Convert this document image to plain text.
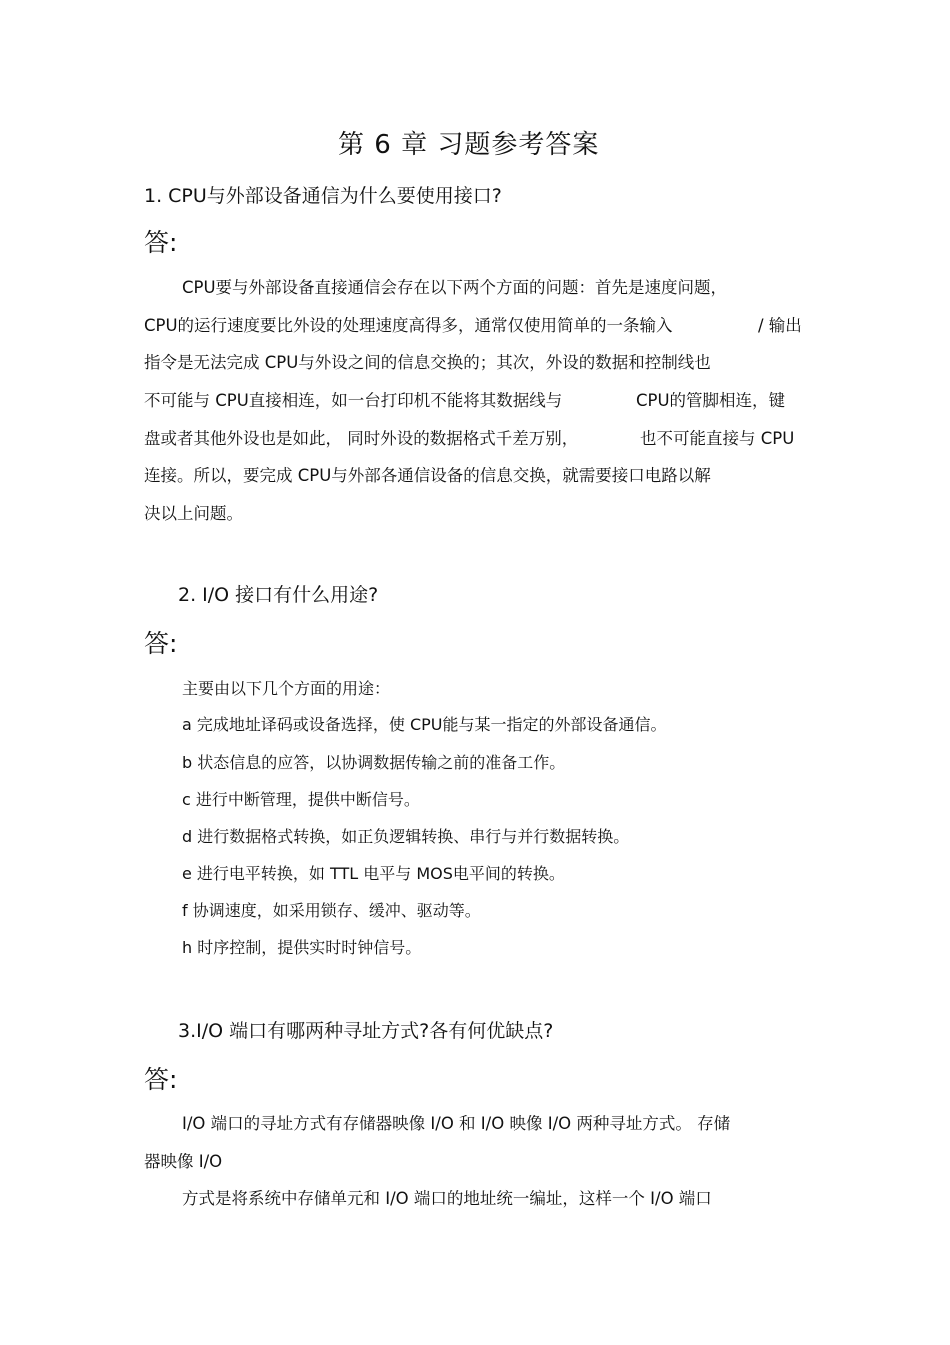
第 6 章 习题参考答案
1. CPU与外部设备通信为什么要使用接口?
答:
CPU要与外部设备直接通信会存在以下两个方面的问题：首先是速度问题，
CPU的运行速度要比外设的处理速度高得多，通常仅使用简单的一条输入	/ 输出
指令是无法完成 CPU与外设之间的信息交换的；其次，外设的数据和控制线也
不可能与 CPU直接相连，如一台打印机不能将其数据线与	CPU的管脚相连，键
盘或者其他外设也是如此， 同时外设的数据格式千差万别，	也不可能直接与 CPU
连接。所以，要完成 CPU与外部各通信设备的信息交换，就需要接口电路以解
决以上问题。
2. I/O 接口有什么用途?
答:
主要由以下几个方面的用途：
a 完成地址译码或设备选择，使 CPU能与某一指定的外部设备通信。
b 状态信息的应答，以协调数据传输之前的准备工作。
c 进行中断管理，提供中断信号。
d 进行数据格式转换，如正负逻辑转换、串行与并行数据转换。
e 进行电平转换，如 TTL 电平与 MOS电平间的转换。
f 协调速度，如采用锁存、缓冲、驱动等。
h 时序控制，提供实时时钟信号。
3.I/O 端口有哪两种寻址方式?各有何优缺点?
答:
I/O 端口的寻址方式有存储器映像 I/O 和 I/O 映像 I/O 两种寻址方式。 存储
器映像 I/O
方式是将系统中存储单元和 I/O 端口的地址统一编址，这样一个 I/O 端口
